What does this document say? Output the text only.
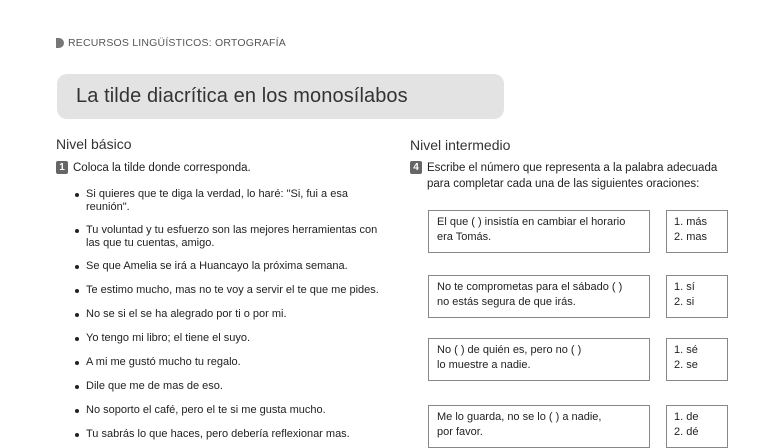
RECURSOS LINGÜÍSTICOS: ORTOGRAFÍA
La tilde diacrítica en los monosílabos
Nivel básico
1 Coloca la tilde donde corresponda.
Si quieres que te diga la verdad, lo haré: "Si, fui a esa reunión".
Tu voluntad y tu esfuerzo son las mejores herramientas con las que tu cuentas, amigo.
Se que Amelia se irá a Huancayo la próxima semana.
Te estimo mucho, mas no te voy a servir el te que me pides.
No se si el se ha alegrado por ti o por mi.
Yo tengo mi libro; el tiene el suyo.
A mi me gustó mucho tu regalo.
Dile que me de mas de eso.
No soporto el café, pero el te si me gusta mucho.
Tu sabrás lo que haces, pero debería reflexionar mas.
Nivel intermedio
4 Escribe el número que representa a la palabra adecuada para completar cada una de las siguientes oraciones:
El que ( ) insistía en cambiar el horario
era Tomás.
1. más
2. mas
No te comprometas para el sábado ( )
no estás segura de que irás.
1. sí
2. si
No ( ) de quién es, pero no ( )
lo muestre a nadie.
1. sé
2. se
Me lo guarda, no se lo ( ) a nadie,
por favor.
1. de
2. dé
